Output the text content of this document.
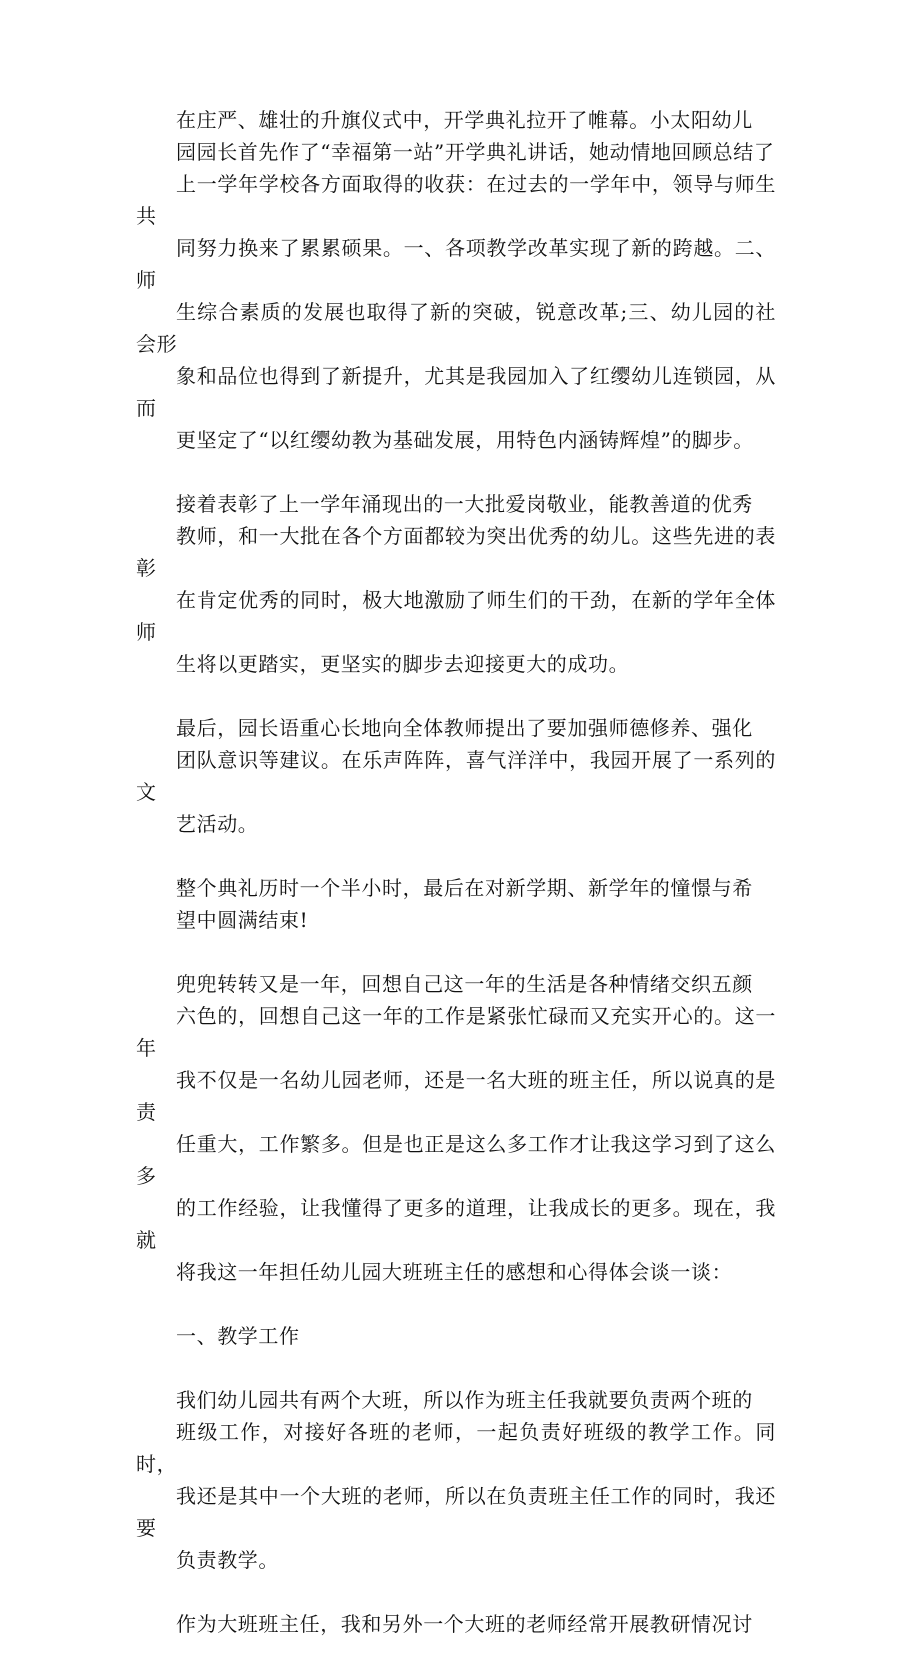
在庄严、雄壮的升旗仪式中，开学典礼拉开了帷幕。小太阳幼儿
园园长首先作了“幸福第一站”开学典礼讲话，她动情地回顾总结了
上一学年学校各方面取得的收获：在过去的一学年中，领导与师生共
同努力换来了累累硕果。一、各项教学改革实现了新的跨越。二、师
生综合素质的发展也取得了新的突破，锐意改革;三、幼儿园的社会形
象和品位也得到了新提升，尤其是我园加入了红缨幼儿连锁园，从而
更坚定了“以红缨幼教为基础发展，用特色内涵铸辉煌”的脚步。

接着表彰了上一学年涌现出的一大批爱岗敬业，能教善道的优秀
教师，和一大批在各个方面都较为突出优秀的幼儿。这些先进的表彰
在肯定优秀的同时，极大地激励了师生们的干劲，在新的学年全体师
生将以更踏实，更坚实的脚步去迎接更大的成功。

最后，园长语重心长地向全体教师提出了要加强师德修养、强化
团队意识等建议。在乐声阵阵，喜气洋洋中，我园开展了一系列的文
艺活动。

整个典礼历时一个半小时，最后在对新学期、新学年的憧憬与希
望中圆满结束!

兜兜转转又是一年，回想自己这一年的生活是各种情绪交织五颜
六色的，回想自己这一年的工作是紧张忙碌而又充实开心的。这一年
我不仅是一名幼儿园老师，还是一名大班的班主任，所以说真的是责
任重大，工作繁多。但是也正是这么多工作才让我这学习到了这么多
的工作经验，让我懂得了更多的道理，让我成长的更多。现在，我就
将我这一年担任幼儿园大班班主任的感想和心得体会谈一谈：

一、教学工作

我们幼儿园共有两个大班，所以作为班主任我就要负责两个班的
班级工作，对接好各班的老师，一起负责好班级的教学工作。同时，
我还是其中一个大班的老师，所以在负责班主任工作的同时，我还要
负责教学。

作为大班班主任，我和另外一个大班的老师经常开展教研情况讨
